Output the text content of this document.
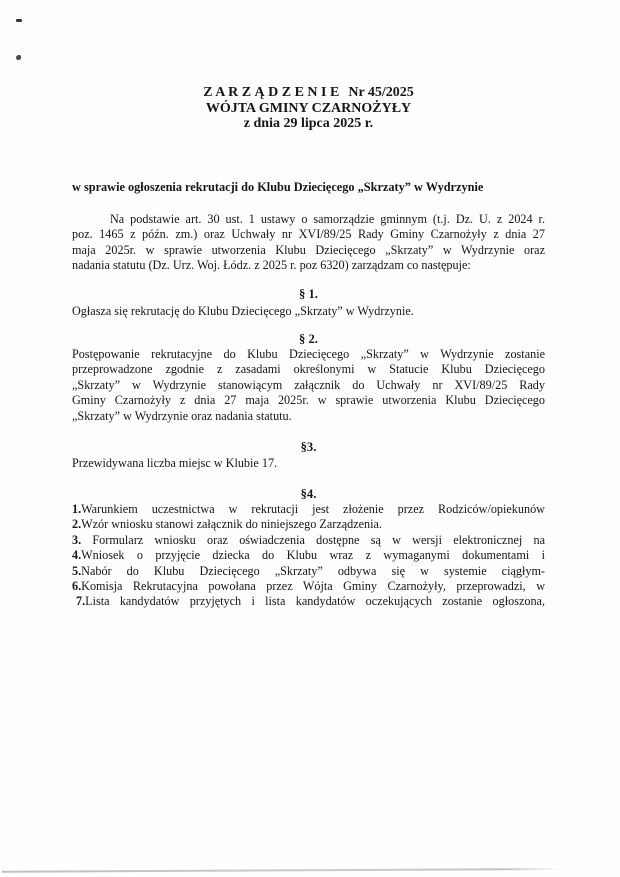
Z A R Z Ą D Z E N I E Nr 45/2025
WÓJTA GMINY CZARNOŻYŁY
z dnia 29 lipca 2025 r.
w sprawie ogłoszenia rekrutacji do Klubu Dziecięcego „Skrzaty” w Wydrzynie
Na podstawie art. 30 ust. 1 ustawy o samorządzie gminnym (t.j. Dz. U. z 2024 r.
poz. 1465 z późn. zm.) oraz Uchwały nr XVI/89/25 Rady Gminy Czarnożyły z dnia 27
maja 2025r. w sprawie utworzenia Klubu Dziecięcego „Skrzaty” w Wydrzynie oraz
nadania statutu (Dz. Urz. Woj. Łódz. z 2025 r. poz 6320) zarządzam co następuje:
§ 1.
Ogłasza się rekrutację do Klubu Dziecięcego „Skrzaty” w Wydrzynie.
§ 2.
Postępowanie rekrutacyjne do Klubu Dziecięcego „Skrzaty” w Wydrzynie zostanie
przeprowadzone zgodnie z zasadami określonymi w Statucie Klubu Dziecięcego
„Skrzaty” w Wydrzynie stanowiącym załącznik do Uchwały nr XVI/89/25 Rady
Gminy Czarnożyły z dnia 27 maja 2025r. w sprawie utworzenia Klubu Dziecięcego
„Skrzaty” w Wydrzynie oraz nadania statutu.
§3.
Przewidywana liczba miejsc w Klubie 17.
§4.
1.Warunkiem uczestnictwa w rekrutacji jest złożenie przez Rodziców/opiekunów
2.Wzór wniosku stanowi załącznik do niniejszego Zarządzenia.
3. Formularz wniosku oraz oświadczenia dostępne są w wersji elektronicznej na
4.Wniosek o przyjęcie dziecka do Klubu wraz z wymaganymi dokumentami i
5.Nabór do Klubu Dziecięcego „Skrzaty” odbywa się w systemie ciągłym-
6.Komisja Rekrutacyjna powołana przez Wójta Gminy Czarnożyły, przeprowadzi, w
7.Lista kandydatów przyjętych i lista kandydatów oczekujących zostanie ogłoszona,
